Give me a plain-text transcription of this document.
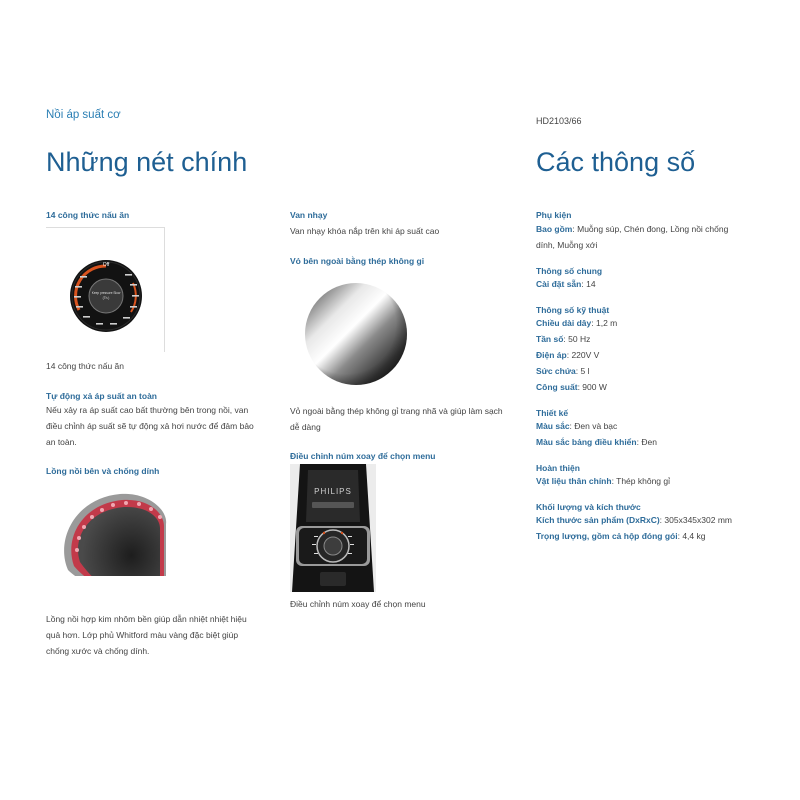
Nồi áp suất cơ	HD2103/66
Những nét chính	Các thông số
14 công thức nấu ăn
Off
Keep pressure Slow
(Th.)
14 công thức nấu ăn
Tự động xả áp suất an toàn
Nếu xảy ra áp suất cao bất thường bên trong nồi, van
điều chỉnh áp suất sẽ tự động xả hơi nước để đảm bảo
an toàn.
Lồng nồi bên và chống dính
Lồng nồi hợp kim nhôm bền giúp dẫn nhiệt nhiệt hiệu
quả hơn. Lớp phủ Whitford màu vàng đặc biệt giúp
chống xước và chống dính.
Van nhạy
Van nhạy khóa nắp trên khi áp suất cao
Vỏ bên ngoài bằng thép không gỉ
Vỏ ngoài bằng thép không gỉ trang nhã và giúp làm sạch
dễ dàng
Điều chỉnh núm xoay để chọn menu
PHILIPS
Điều chỉnh núm xoay để chọn menu
Phụ kiện
Bao gồm: Muỗng súp, Chén đong, Lồng nồi chống
dính, Muỗng xới
Thông số chung
Cài đặt sẵn: 14
Thông số kỹ thuật
Chiều dài dây: 1,2 m
Tần số: 50 Hz
Điện áp: 220V V
Sức chứa: 5 l
Công suất: 900 W
Thiết kế
Màu sắc: Đen và bạc
Màu sắc bảng điều khiển: Đen
Hoàn thiện
Vật liệu thân chính: Thép không gỉ
Khối lượng và kích thước
Kích thước sản phẩm (DxRxC): 305x345x302 mm
Trọng lượng, gồm cả hộp đóng gói: 4,4 kg
